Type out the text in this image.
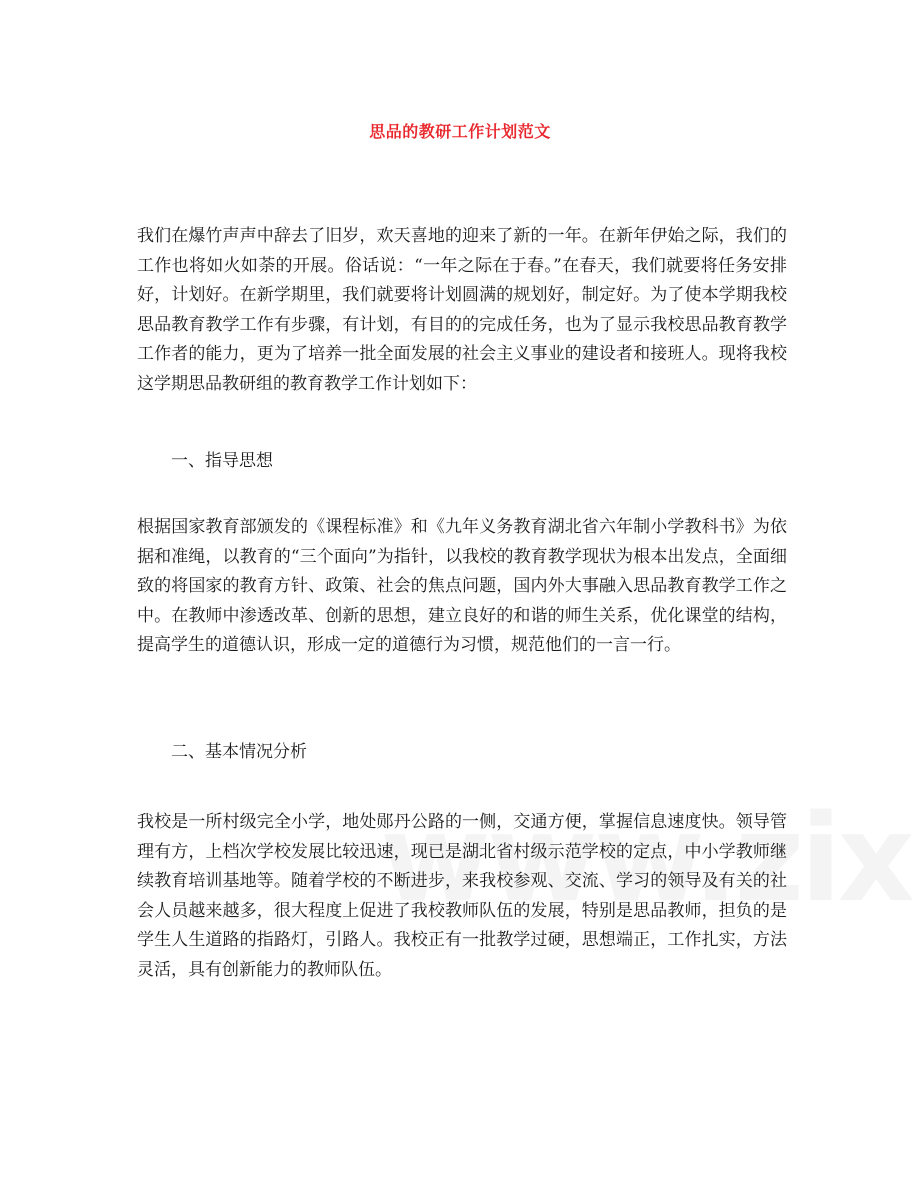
思品的教研工作计划范文

我们在爆竹声声中辞去了旧岁，欢天喜地的迎来了新的一年。在新年伊始之际，我们的工作也将如火如荼的开展。俗话说：“一年之际在于春。”在春天，我们就要将任务安排好，计划好。在新学期里，我们就要将计划圆满的规划好，制定好。为了使本学期我校思品教育教学工作有步骤，有计划，有目的的完成任务，也为了显示我校思品教育教学工作者的能力，更为了培养一批全面发展的社会主义事业的建设者和接班人。现将我校这学期思品教研组的教育教学工作计划如下：

一、指导思想

根据国家教育部颁发的《课程标准》和《九年义务教育湖北省六年制小学教科书》为依据和准绳，以教育的“三个面向”为指针，以我校的教育教学现状为根本出发点，全面细致的将国家的教育方针、政策、社会的焦点问题，国内外大事融入思品教育教学工作之中。在教师中渗透改革、创新的思想，建立良好的和谐的师生关系，优化课堂的结构，提高学生的道德认识，形成一定的道德行为习惯，规范他们的一言一行。

二、基本情况分析

我校是一所村级完全小学，地处郧丹公路的一侧，交通方便，掌握信息速度快。领导管理有方，上档次学校发展比较迅速，现已是湖北省村级示范学校的定点，中小学教师继续教育培训基地等。随着学校的不断进步，来我校参观、交流、学习的领导及有关的社会人员越来越多，很大程度上促进了我校教师队伍的发展，特别是思品教师，担负的是学生人生道路的指路灯，引路人。我校正有一批教学过硬，思想端正，工作扎实，方法灵活，具有创新能力的教师队伍。
